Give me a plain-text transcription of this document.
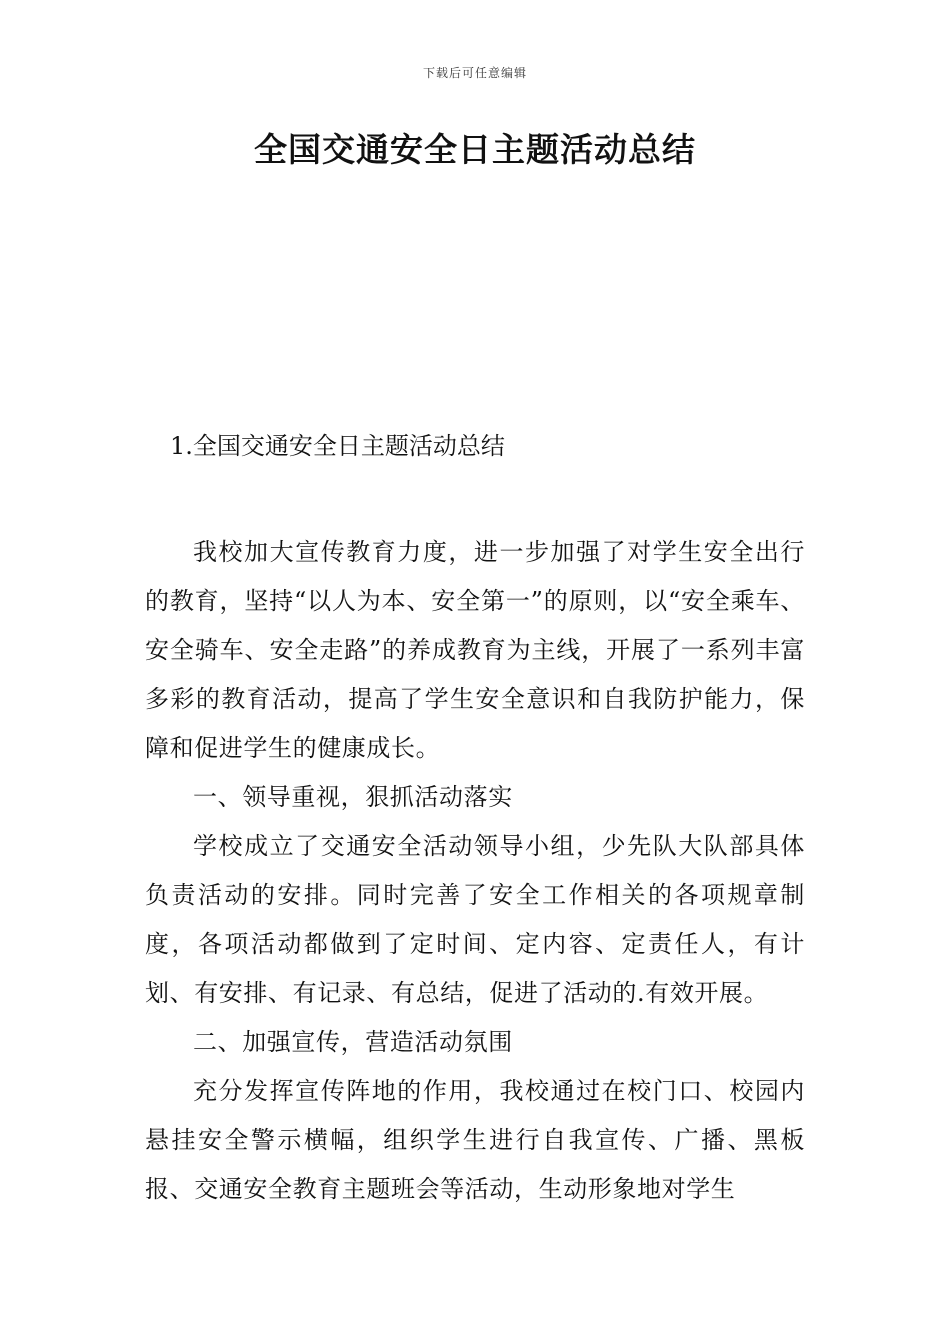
下载后可任意编辑
全国交通安全日主题活动总结
1.全国交通安全日主题活动总结

我校加大宣传教育力度，进一步加强了对学生安全出行的教育，坚持“以人为本、安全第一”的原则，以“安全乘车、安全骑车、安全走路”的养成教育为主线，开展了一系列丰富多彩的教育活动，提高了学生安全意识和自我防护能力，保障和促进学生的健康成长。

一、领导重视，狠抓活动落实

学校成立了交通安全活动领导小组，少先队大队部具体负责活动的安排。同时完善了安全工作相关的各项规章制度，各项活动都做到了定时间、定内容、定责任人，有计划、有安排、有记录、有总结，促进了活动的.有效开展。

二、加强宣传，营造活动氛围

充分发挥宣传阵地的作用，我校通过在校门口、校园内悬挂安全警示横幅，组织学生进行自我宣传、广播、黑板报、交通安全教育主题班会等活动，生动形象地对学生
